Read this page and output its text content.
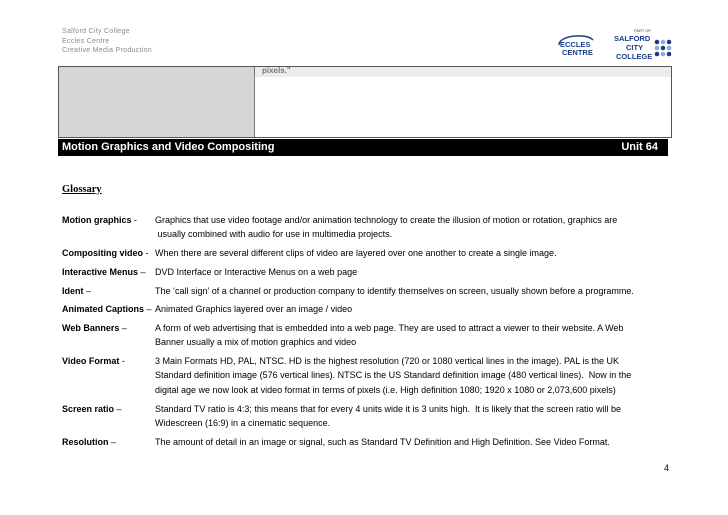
Salford City College
Eccles Centre
Creative Media Production
ECCLES
CENTRE
PART OF
SALFORD
CITY
COLLEGE
pixels."
Motion Graphics and Video Compositing	Unit 64
Glossary
Motion graphics - Graphics that use video footage and/or animation technology to create the illusion of motion or rotation, graphics are
usually combined with audio for use in multimedia projects.
Compositing video - When there are several different clips of video are layered over one another to create a single image.
Interactive Menus – DVD Interface or Interactive Menus on a web page
Ident –	The ‘call sign’ of a channel or production company to identify themselves on screen, usually shown before a programme.
Animated Captions – Animated Graphics layered over an image / video
Web Banners –	A form of web advertising that is embedded into a web page. They are used to attract a viewer to their website. A Web
Banner usually a mix of motion graphics and video
Video Format -	3 Main Formats HD, PAL, NTSC. HD is the highest resolution (720 or 1080 vertical lines in the image). PAL is the UK
Standard definition image (576 vertical lines). NTSC is the US Standard definition image (480 vertical lines).  Now in the
digital age we now look at video format in terms of pixels (i.e. High definition 1080; 1920 x 1080 or 2,073,600 pixels)
Screen ratio –	Standard TV ratio is 4:3; this means that for every 4 units wide it is 3 units high.  It is likely that the screen ratio will be
Widescreen (16:9) in a cinematic sequence.
Resolution –	The amount of detail in an image or signal, such as Standard TV Definition and High Definition. See Video Format.
4
